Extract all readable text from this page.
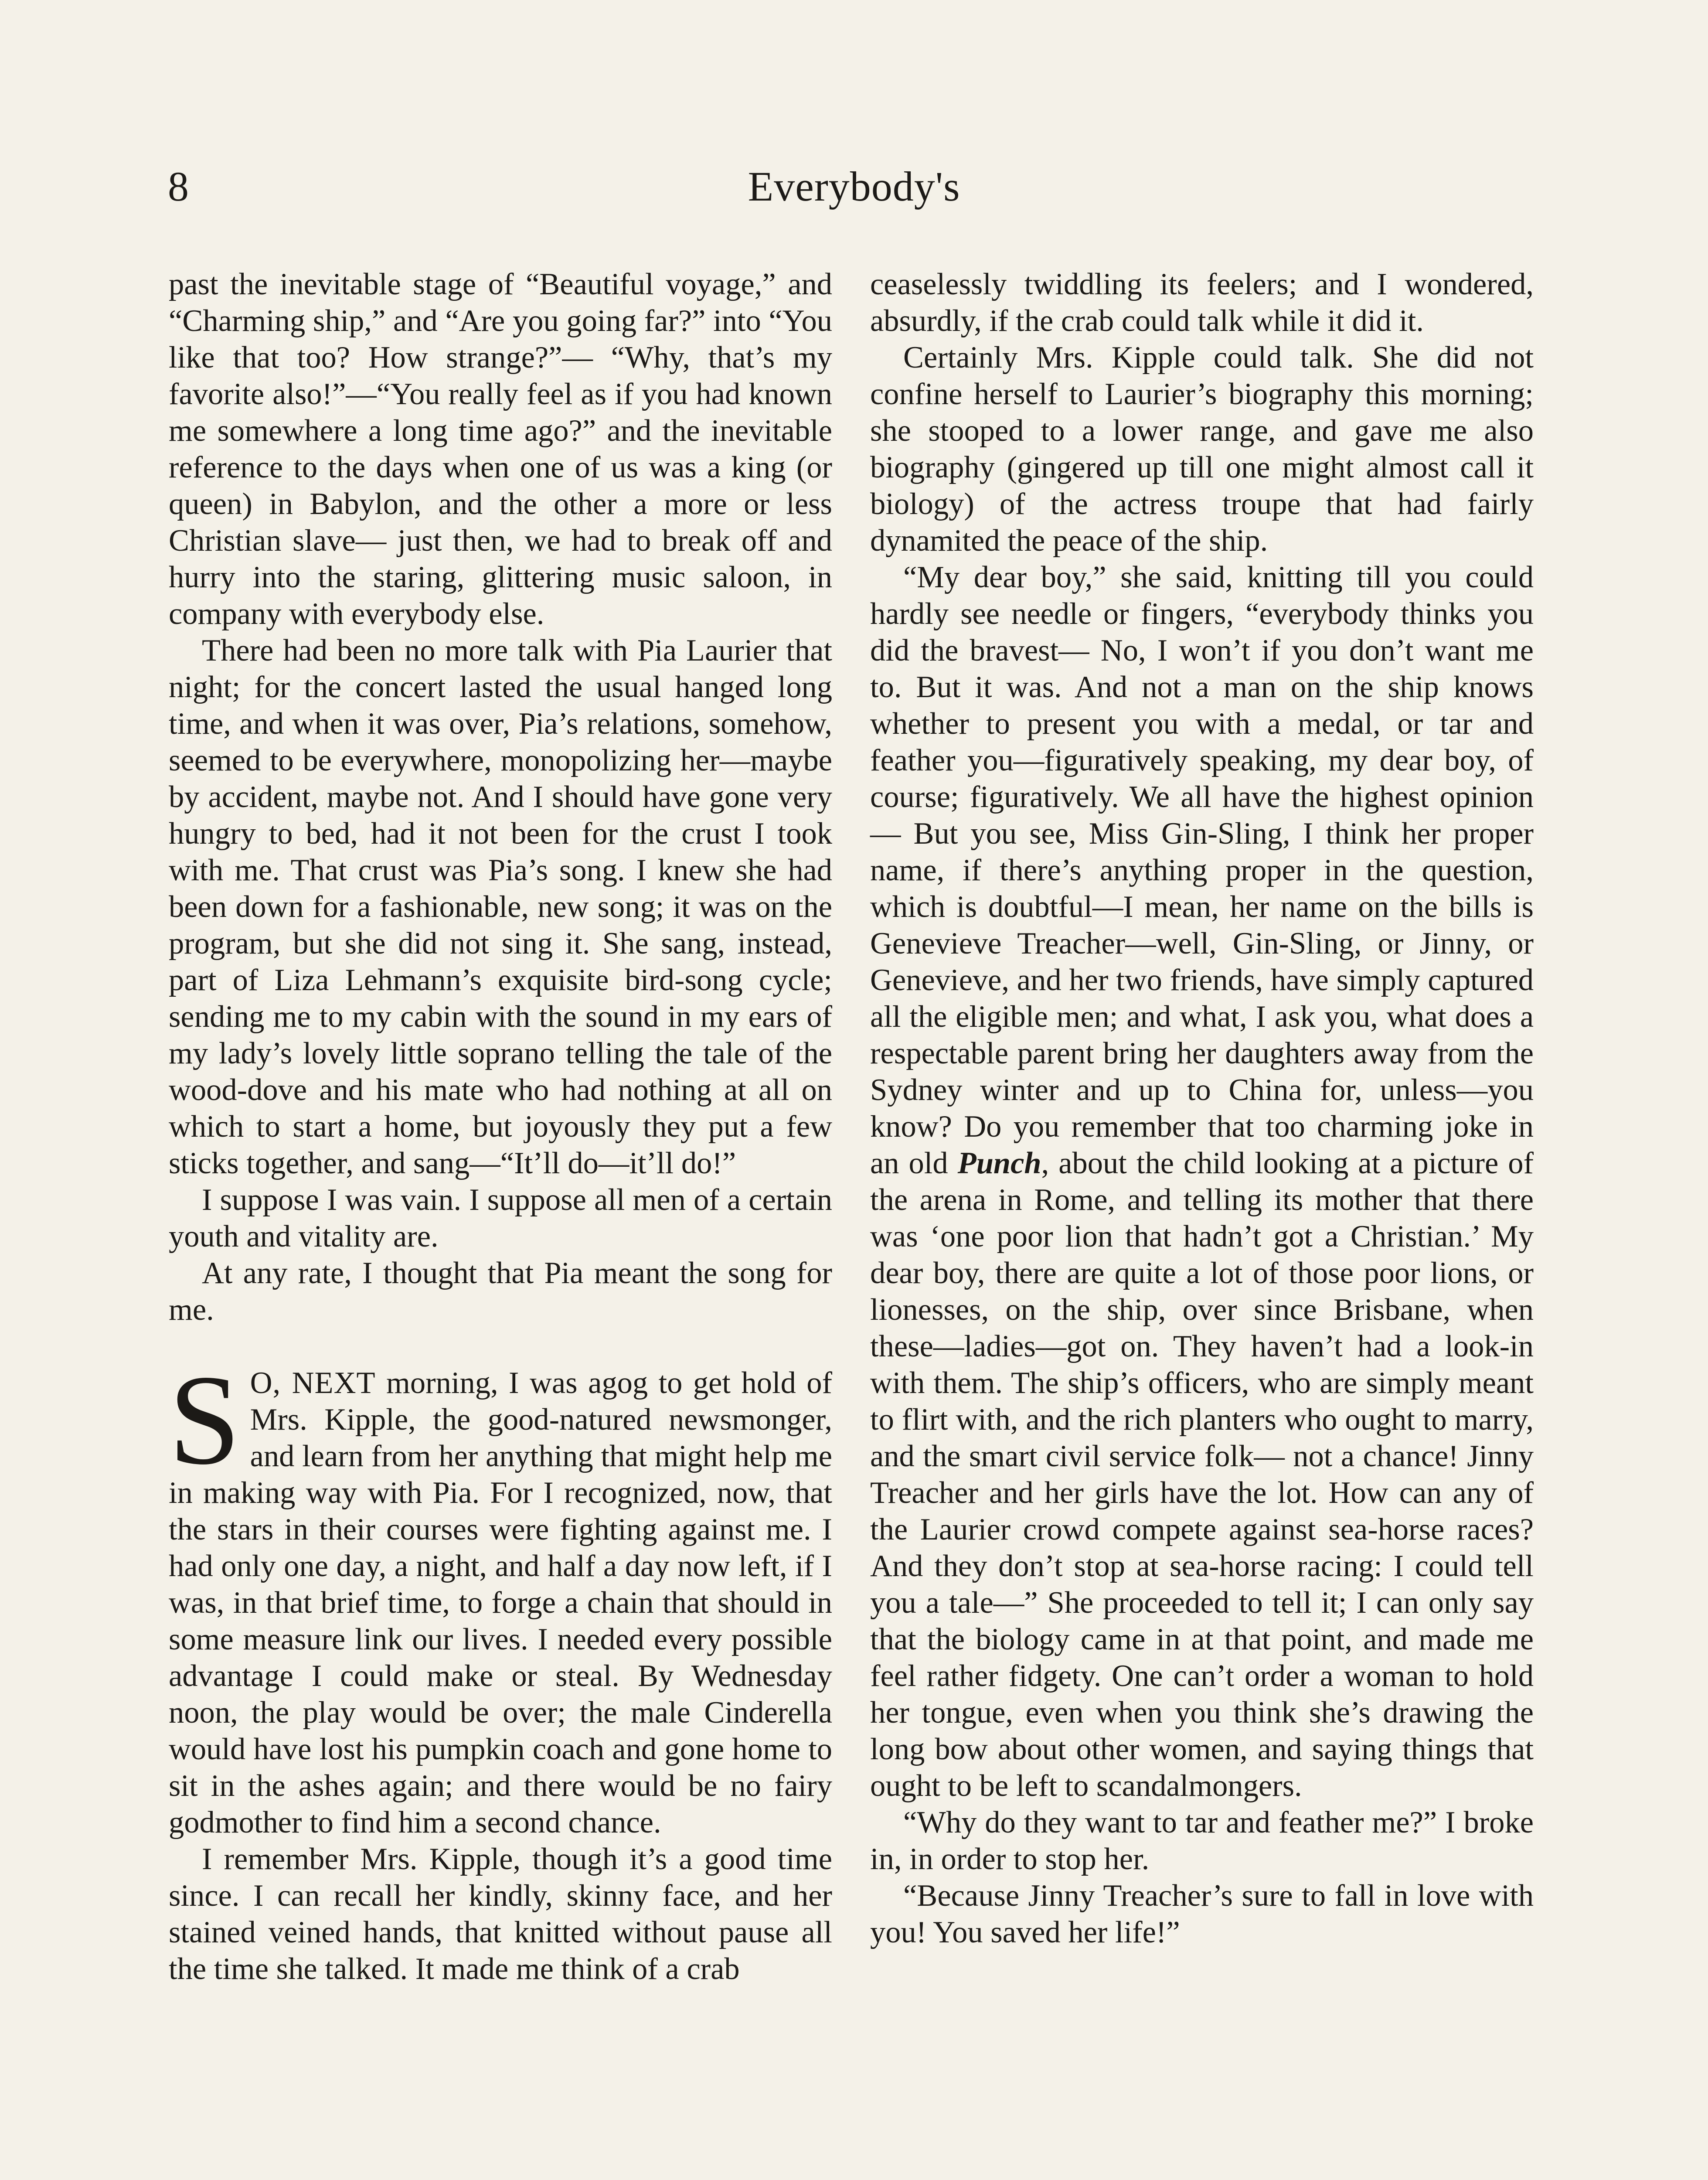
8	Everybody's

past the inevitable stage of “Beautiful voyage,” and “Charming ship,” and “Are you going far?” into “You like that too? How strange?”— “Why, that’s my favorite also!”—“You really feel as if you had known me somewhere a long time ago?” and the inevitable reference to the days when one of us was a king (or queen) in Babylon, and the other a more or less Christian slave— just then, we had to break off and hurry into the staring, glittering music saloon, in company with everybody else.

There had been no more talk with Pia Laurier that night; for the concert lasted the usual hanged long time, and when it was over, Pia’s relations, somehow, seemed to be everywhere, monopolizing her—maybe by accident, maybe not. And I should have gone very hungry to bed, had it not been for the crust I took with me. That crust was Pia’s song. I knew she had been down for a fashionable, new song; it was on the program, but she did not sing it. She sang, instead, part of Liza Lehmann’s exquisite bird-song cycle; sending me to my cabin with the sound in my ears of my lady’s lovely little soprano telling the tale of the wood-dove and his mate who had nothing at all on which to start a home, but joyously they put a few sticks together, and sang—“It’ll do—it’ll do!”

I suppose I was vain. I suppose all men of a certain youth and vitality are.

At any rate, I thought that Pia meant the song for me.

S O, NEXT morning, I was agog to get hold of Mrs. Kipple, the good-natured newsmonger, and learn from her anything that might help me in making way with Pia. For I recognized, now, that the stars in their courses were fighting against me. I had only one day, a night, and half a day now left, if I was, in that brief time, to forge a chain that should in some measure link our lives. I needed every possible advantage I could make or steal. By Wednesday noon, the play would be over; the male Cinderella would have lost his pumpkin coach and gone home to sit in the ashes again; and there would be no fairy godmother to find him a second chance.

I remember Mrs. Kipple, though it’s a good time since. I can recall her kindly, skinny face, and her stained veined hands, that knitted without pause all the time she talked. It made me think of a crab

ceaselessly twiddling its feelers; and I wondered, absurdly, if the crab could talk while it did it.

Certainly Mrs. Kipple could talk. She did not confine herself to Laurier’s biography this morning; she stooped to a lower range, and gave me also biography (gingered up till one might almost call it biology) of the actress troupe that had fairly dynamited the peace of the ship.

“My dear boy,” she said, knitting till you could hardly see needle or fingers, “everybody thinks you did the bravest— No, I won’t if you don’t want me to. But it was. And not a man on the ship knows whether to present you with a medal, or tar and feather you—figuratively speaking, my dear boy, of course; figuratively. We all have the highest opinion— But you see, Miss Gin-Sling, I think her proper name, if there’s anything proper in the question, which is doubtful—I mean, her name on the bills is Genevieve Treacher—well, Gin-Sling, or Jinny, or Genevieve, and her two friends, have simply captured all the eligible men; and what, I ask you, what does a respectable parent bring her daughters away from the Sydney winter and up to China for, unless—you know? Do you remember that too charming joke in an old Punch, about the child looking at a picture of the arena in Rome, and telling its mother that there was ‘one poor lion that hadn’t got a Christian.’ My dear boy, there are quite a lot of those poor lions, or lionesses, on the ship, over since Brisbane, when these—ladies—got on. They haven’t had a look-in with them. The ship’s officers, who are simply meant to flirt with, and the rich planters who ought to marry, and the smart civil service folk— not a chance! Jinny Treacher and her girls have the lot. How can any of the Laurier crowd compete against sea-horse races? And they don’t stop at sea-horse racing: I could tell you a tale—” She proceeded to tell it; I can only say that the biology came in at that point, and made me feel rather fidgety. One can’t order a woman to hold her tongue, even when you think she’s drawing the long bow about other women, and saying things that ought to be left to scandalmongers.

“Why do they want to tar and feather me?” I broke in, in order to stop her.

“Because Jinny Treacher’s sure to fall in love with you! You saved her life!”
